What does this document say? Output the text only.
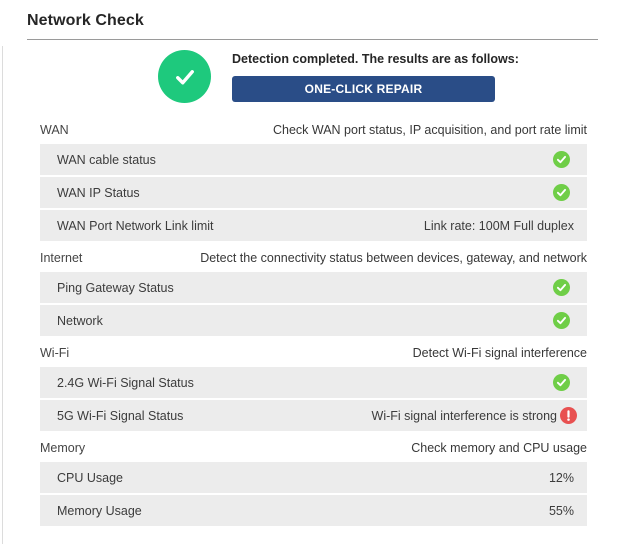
Network Check
Detection completed. The results are as follows:
ONE-CLICK REPAIR
WAN	Check WAN port status, IP acquisition, and port rate limit
WAN cable status
WAN IP Status
WAN Port Network Link limit	Link rate: 100M Full duplex
Internet	Detect the connectivity status between devices, gateway, and network
Ping Gateway Status
Network
Wi-Fi	Detect Wi-Fi signal interference
2.4G Wi-Fi Signal Status
5G Wi-Fi Signal Status	Wi-Fi signal interference is strong
Memory	Check memory and CPU usage
CPU Usage	12%
Memory Usage	55%
